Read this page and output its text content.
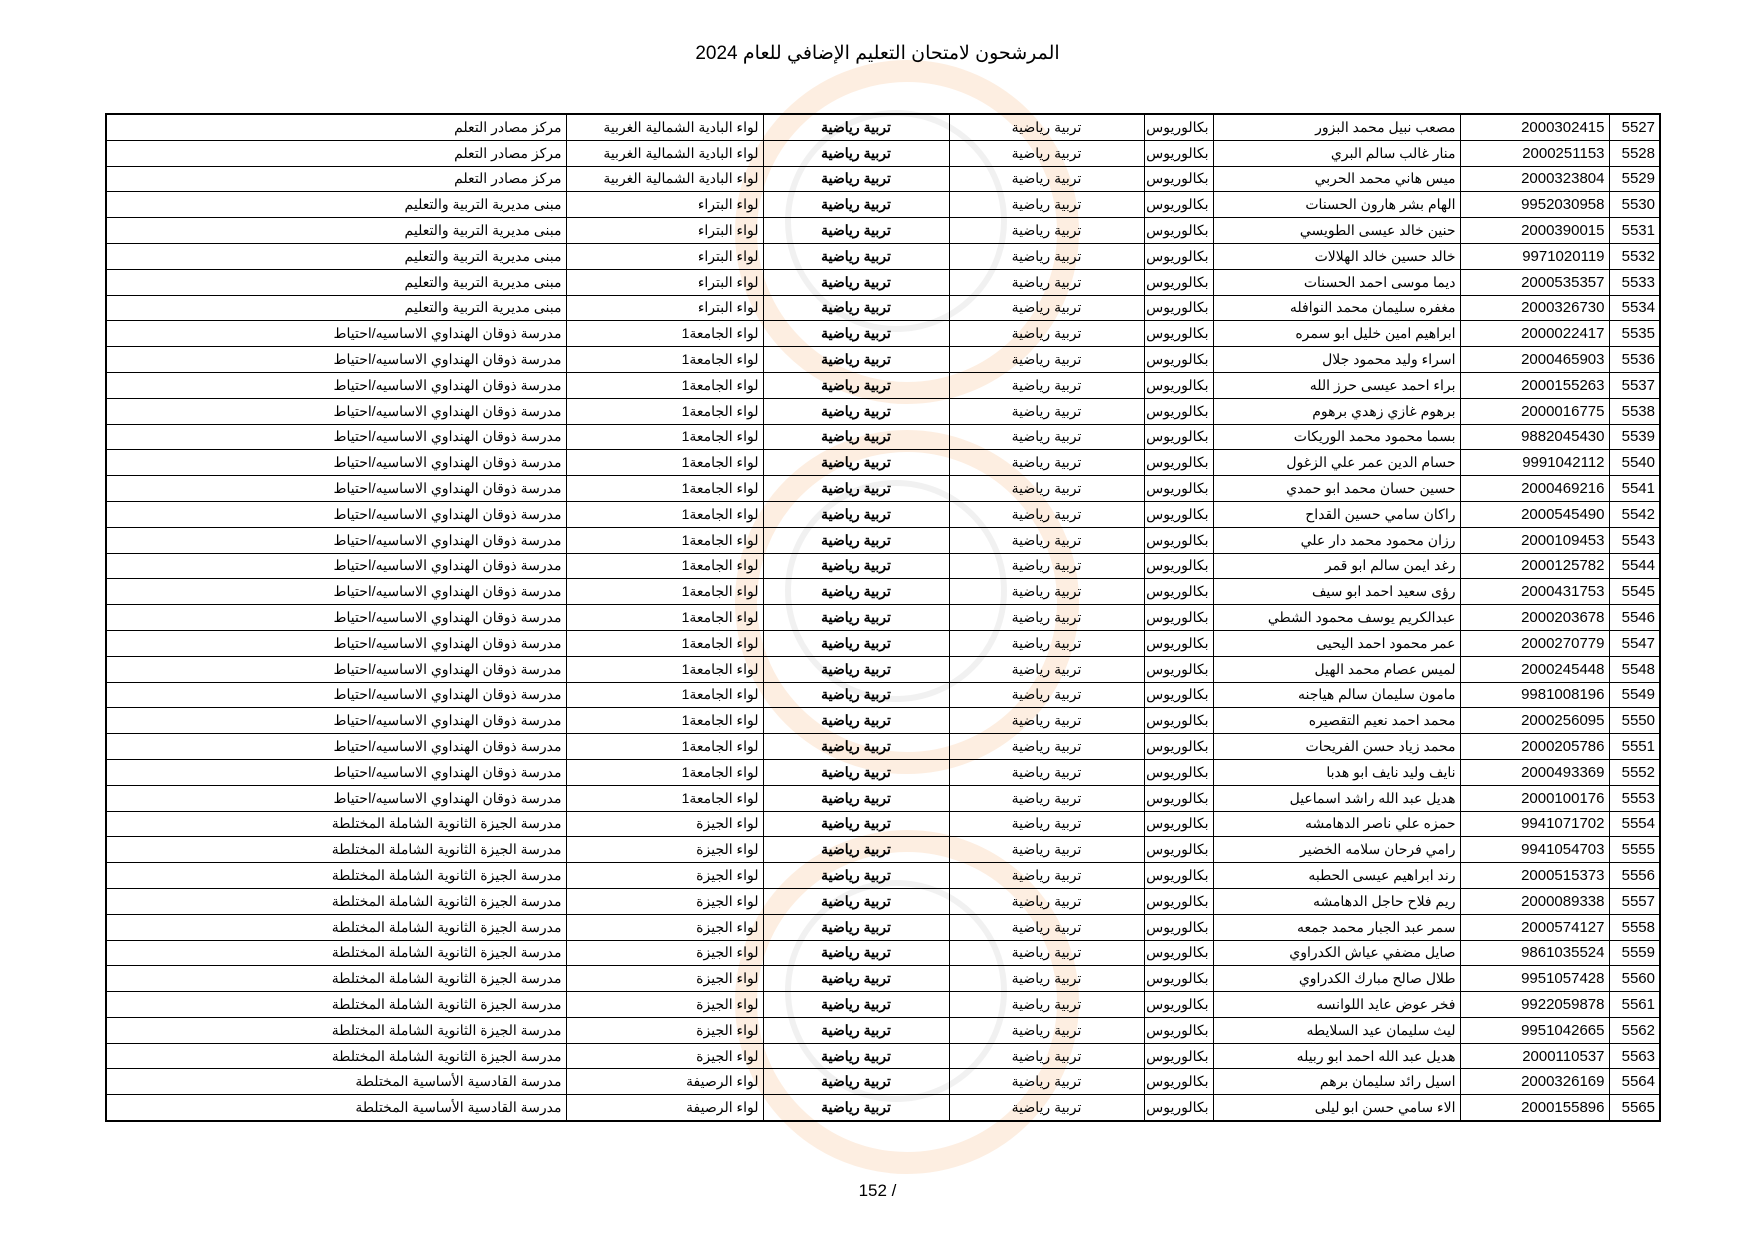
المرشحون لامتحان التعليم الإضافي للعام 2024
5527	2000302415	مصعب نبيل محمد البزور	بكالوريوس	تربية رياضية	تربية رياضية	لواء البادية الشمالية الغربية	مركز مصادر التعلم
5528	2000251153	منار غالب سالم البري	بكالوريوس	تربية رياضية	تربية رياضية	لواء البادية الشمالية الغربية	مركز مصادر التعلم
5529	2000323804	ميس هاني محمد الحربي	بكالوريوس	تربية رياضية	تربية رياضية	لواء البادية الشمالية الغربية	مركز مصادر التعلم
5530	9952030958	الهام بشر هارون الحسنات	بكالوريوس	تربية رياضية	تربية رياضية	لواء البتراء	مبنى مديرية التربية والتعليم
5531	2000390015	حنين خالد عيسى الطويسي	بكالوريوس	تربية رياضية	تربية رياضية	لواء البتراء	مبنى مديرية التربية والتعليم
5532	9971020119	خالد حسين خالد الهلالات	بكالوريوس	تربية رياضية	تربية رياضية	لواء البتراء	مبنى مديرية التربية والتعليم
5533	2000535357	ديما موسى احمد الحسنات	بكالوريوس	تربية رياضية	تربية رياضية	لواء البتراء	مبنى مديرية التربية والتعليم
5534	2000326730	مغفره سليمان محمد النوافله	بكالوريوس	تربية رياضية	تربية رياضية	لواء البتراء	مبنى مديرية التربية والتعليم
5535	2000022417	ابراهيم امين خليل ابو سمره	بكالوريوس	تربية رياضية	تربية رياضية	لواء الجامعة1	مدرسة ذوقان الهنداوي الاساسيه/احتياط
5536	2000465903	اسراء وليد محمود جلال	بكالوريوس	تربية رياضية	تربية رياضية	لواء الجامعة1	مدرسة ذوقان الهنداوي الاساسيه/احتياط
5537	2000155263	براء احمد عيسى حرز الله	بكالوريوس	تربية رياضية	تربية رياضية	لواء الجامعة1	مدرسة ذوقان الهنداوي الاساسيه/احتياط
5538	2000016775	برهوم غازي زهدي برهوم	بكالوريوس	تربية رياضية	تربية رياضية	لواء الجامعة1	مدرسة ذوقان الهنداوي الاساسيه/احتياط
5539	9882045430	بسما محمود محمد الوريكات	بكالوريوس	تربية رياضية	تربية رياضية	لواء الجامعة1	مدرسة ذوقان الهنداوي الاساسيه/احتياط
5540	9991042112	حسام الدين عمر علي الزغول	بكالوريوس	تربية رياضية	تربية رياضية	لواء الجامعة1	مدرسة ذوقان الهنداوي الاساسيه/احتياط
5541	2000469216	حسين حسان محمد ابو حمدي	بكالوريوس	تربية رياضية	تربية رياضية	لواء الجامعة1	مدرسة ذوقان الهنداوي الاساسيه/احتياط
5542	2000545490	راكان سامي حسين القداح	بكالوريوس	تربية رياضية	تربية رياضية	لواء الجامعة1	مدرسة ذوقان الهنداوي الاساسيه/احتياط
5543	2000109453	رزان محمود محمد دار علي	بكالوريوس	تربية رياضية	تربية رياضية	لواء الجامعة1	مدرسة ذوقان الهنداوي الاساسيه/احتياط
5544	2000125782	رغد ايمن سالم ابو قمر	بكالوريوس	تربية رياضية	تربية رياضية	لواء الجامعة1	مدرسة ذوقان الهنداوي الاساسيه/احتياط
5545	2000431753	رؤى سعيد احمد ابو سيف	بكالوريوس	تربية رياضية	تربية رياضية	لواء الجامعة1	مدرسة ذوقان الهنداوي الاساسيه/احتياط
5546	2000203678	عبدالكريم يوسف محمود الشطي	بكالوريوس	تربية رياضية	تربية رياضية	لواء الجامعة1	مدرسة ذوقان الهنداوي الاساسيه/احتياط
5547	2000270779	عمر محمود احمد اليحيى	بكالوريوس	تربية رياضية	تربية رياضية	لواء الجامعة1	مدرسة ذوقان الهنداوي الاساسيه/احتياط
5548	2000245448	لميس عصام محمد الهيل	بكالوريوس	تربية رياضية	تربية رياضية	لواء الجامعة1	مدرسة ذوقان الهنداوي الاساسيه/احتياط
5549	9981008196	مامون سليمان سالم هياجنه	بكالوريوس	تربية رياضية	تربية رياضية	لواء الجامعة1	مدرسة ذوقان الهنداوي الاساسيه/احتياط
5550	2000256095	محمد احمد نعيم التقصيره	بكالوريوس	تربية رياضية	تربية رياضية	لواء الجامعة1	مدرسة ذوقان الهنداوي الاساسيه/احتياط
5551	2000205786	محمد زياد حسن الفريحات	بكالوريوس	تربية رياضية	تربية رياضية	لواء الجامعة1	مدرسة ذوقان الهنداوي الاساسيه/احتياط
5552	2000493369	نايف وليد نايف ابو هدبا	بكالوريوس	تربية رياضية	تربية رياضية	لواء الجامعة1	مدرسة ذوقان الهنداوي الاساسيه/احتياط
5553	2000100176	هديل عبد الله راشد اسماعيل	بكالوريوس	تربية رياضية	تربية رياضية	لواء الجامعة1	مدرسة ذوقان الهنداوي الاساسيه/احتياط
5554	9941071702	حمزه علي ناصر الدهامشه	بكالوريوس	تربية رياضية	تربية رياضية	لواء الجيزة	مدرسة الجيزة الثانوية الشاملة المختلطة
5555	9941054703	رامي فرحان سلامه الخضير	بكالوريوس	تربية رياضية	تربية رياضية	لواء الجيزة	مدرسة الجيزة الثانوية الشاملة المختلطة
5556	2000515373	رند ابراهيم عيسى الحطبه	بكالوريوس	تربية رياضية	تربية رياضية	لواء الجيزة	مدرسة الجيزة الثانوية الشاملة المختلطة
5557	2000089338	ريم فلاح حاجل الدهامشه	بكالوريوس	تربية رياضية	تربية رياضية	لواء الجيزة	مدرسة الجيزة الثانوية الشاملة المختلطة
5558	2000574127	سمر عبد الجبار محمد جمعه	بكالوريوس	تربية رياضية	تربية رياضية	لواء الجيزة	مدرسة الجيزة الثانوية الشاملة المختلطة
5559	9861035524	صايل مضفي عياش الكدراوي	بكالوريوس	تربية رياضية	تربية رياضية	لواء الجيزة	مدرسة الجيزة الثانوية الشاملة المختلطة
5560	9951057428	طلال صالح مبارك الكدراوي	بكالوريوس	تربية رياضية	تربية رياضية	لواء الجيزة	مدرسة الجيزة الثانوية الشاملة المختلطة
5561	9922059878	فخر عوض عايد اللوانسه	بكالوريوس	تربية رياضية	تربية رياضية	لواء الجيزة	مدرسة الجيزة الثانوية الشاملة المختلطة
5562	9951042665	ليث سليمان عيد السلايطه	بكالوريوس	تربية رياضية	تربية رياضية	لواء الجيزة	مدرسة الجيزة الثانوية الشاملة المختلطة
5563	2000110537	هديل عبد الله احمد ابو ربيله	بكالوريوس	تربية رياضية	تربية رياضية	لواء الجيزة	مدرسة الجيزة الثانوية الشاملة المختلطة
5564	2000326169	اسيل رائد سليمان برهم	بكالوريوس	تربية رياضية	تربية رياضية	لواء الرصيفة	مدرسة القادسية الأساسية المختلطة
5565	2000155896	الاء سامي حسن ابو ليلى	بكالوريوس	تربية رياضية	تربية رياضية	لواء الرصيفة	مدرسة القادسية الأساسية المختلطة
152 /
